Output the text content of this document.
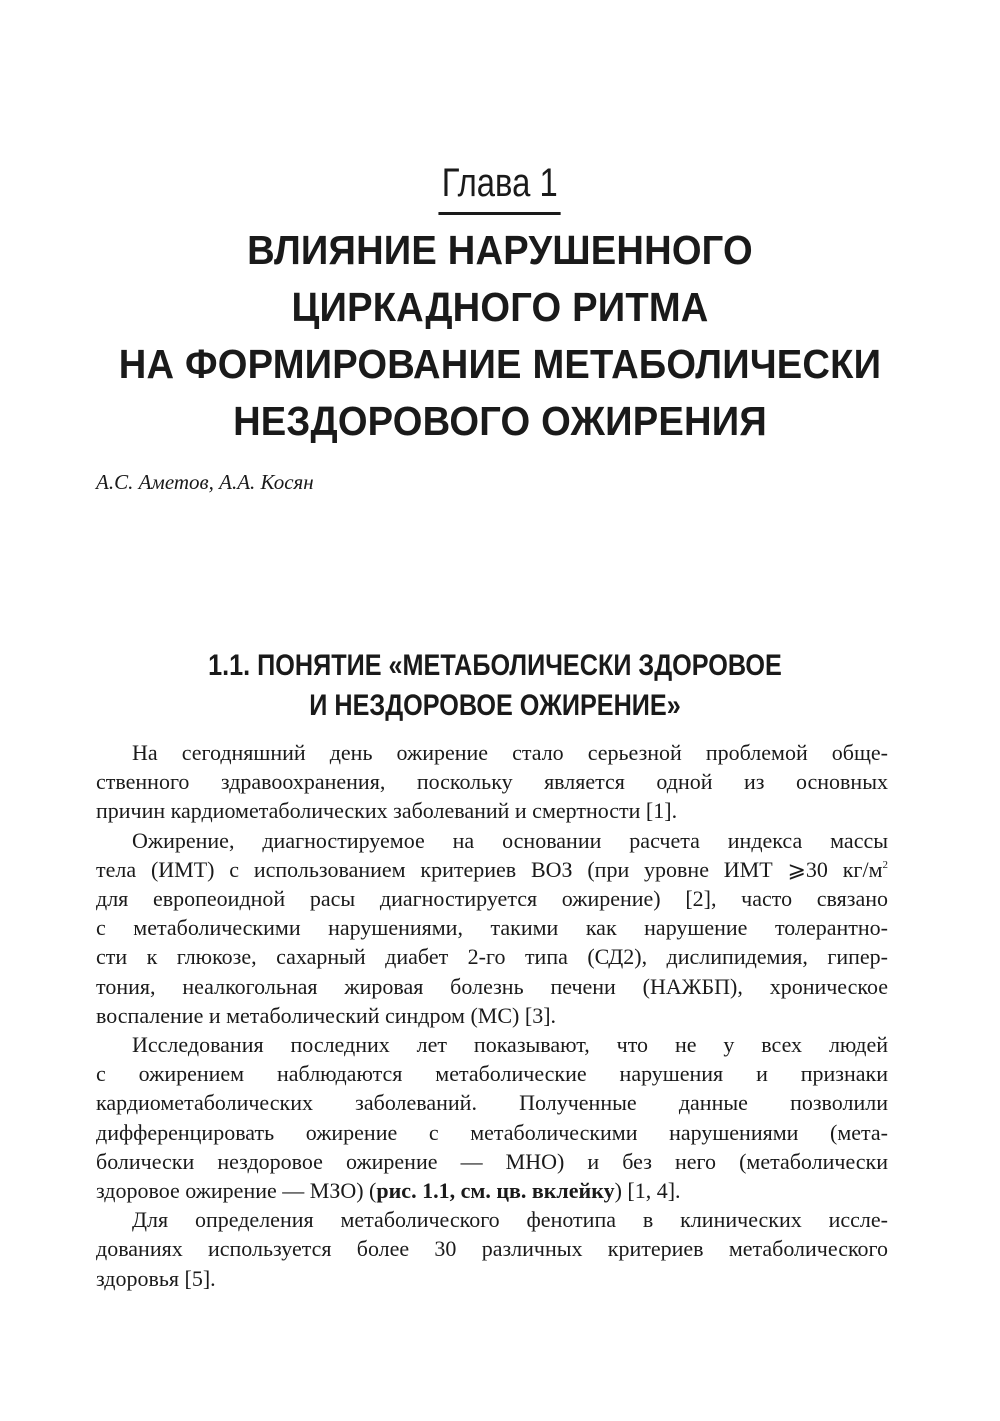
Глава 1
ВЛИЯНИЕ НАРУШЕННОГО
ЦИРКАДНОГО РИТМА
НА ФОРМИРОВАНИЕ МЕТАБОЛИЧЕСКИ
НЕЗДОРОВОГО ОЖИРЕНИЯ
А.С. Аметов, А.А. Косян
1.1. ПОНЯТИЕ «МЕТАБОЛИЧЕСКИ ЗДОРОВОЕ
И НЕЗДОРОВОЕ ОЖИРЕНИЕ»

На сегодняшний день ожирение стало серьезной проблемой обще-
ственного здравоохранения, поскольку является одной из основных
причин кардиометаболических заболеваний и смертности [1].

Ожирение, диагностируемое на основании расчета индекса массы
тела (ИМТ) с использованием критериев ВОЗ (при уровне ИМТ ⩾30 $кг/м^2$
для европеоидной расы диагностируется ожирение) [2], часто связано
с метаболическими нарушениями, такими как нарушение толерантно-
сти к глюкозе, сахарный диабет 2-го типа (СД2), дислипидемия, гипер-
тония, неалкогольная жировая болезнь печени (НАЖБП), хроническое
воспаление и метаболический синдром (МС) [3].

Исследования последних лет показывают, что не у всех людей
с ожирением наблюдаются метаболические нарушения и признаки
кардиометаболических заболеваний. Полученные данные позволили
дифференцировать ожирение с метаболическими нарушениями (мета-
болически нездоровое ожирение — МНО) и без него (метаболически
здоровое ожирение — МЗО) (рис. 1.1, см. цв. вклейку) [1, 4].

Для определения метаболического фенотипа в клинических иссле-
дованиях используется более 30 различных критериев метаболического
здоровья [5].
